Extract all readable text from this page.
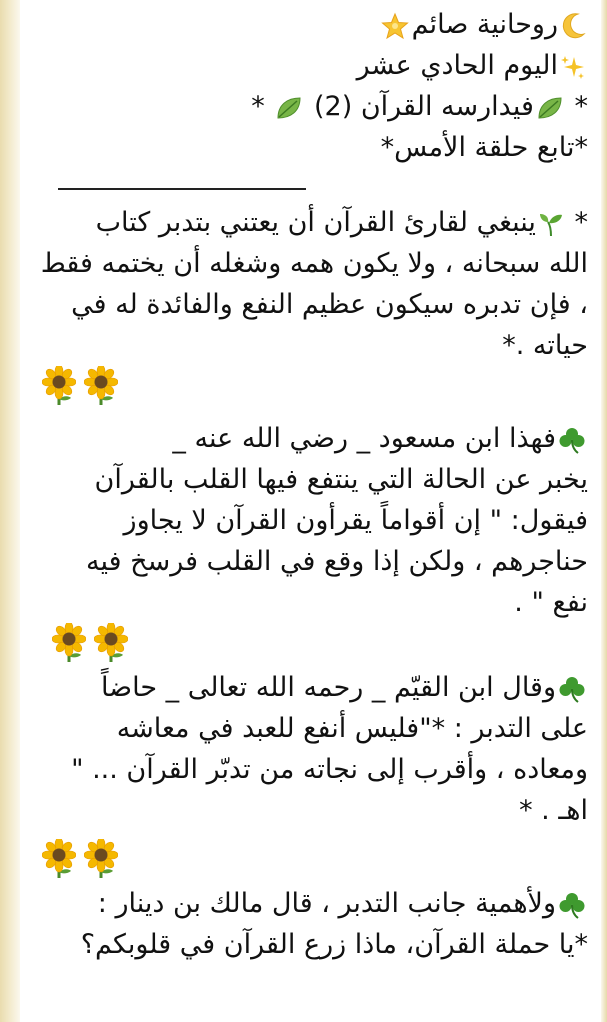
روحانية صائم
اليوم الحادي عشر
*
فيدارسه القرآن (2)
*
*تابع حلقة الأمس*
*
ينبغي لقارئ القرآن أن يعتني بتدبر كتاب
الله سبحانه ، ولا يكون همه وشغله أن يختمه فقط
، فإن تدبره سيكون عظيم النفع والفائدة له في
حياته .*
فهذا ابن مسعود _ رضي الله عنه _
يخبر عن الحالة التي ينتفع فيها القلب بالقرآن
فيقول: " إن أقواماً يقرأون القرآن لا يجاوز
حناجرهم ، ولكن إذا وقع في القلب فرسخ فيه
نفع " .
وقال ابن القيّم _ رحمه الله تعالى _ حاضاً
على التدبر : *"فليس أنفع للعبد في معاشه
ومعاده ، وأقرب إلى نجاته من تدبّر القرآن ... "
اهـ . *
ولأهمية جانب التدبر ، قال مالك بن دينار :
*يا حملة القرآن، ماذا زرع القرآن في قلوبكم؟
